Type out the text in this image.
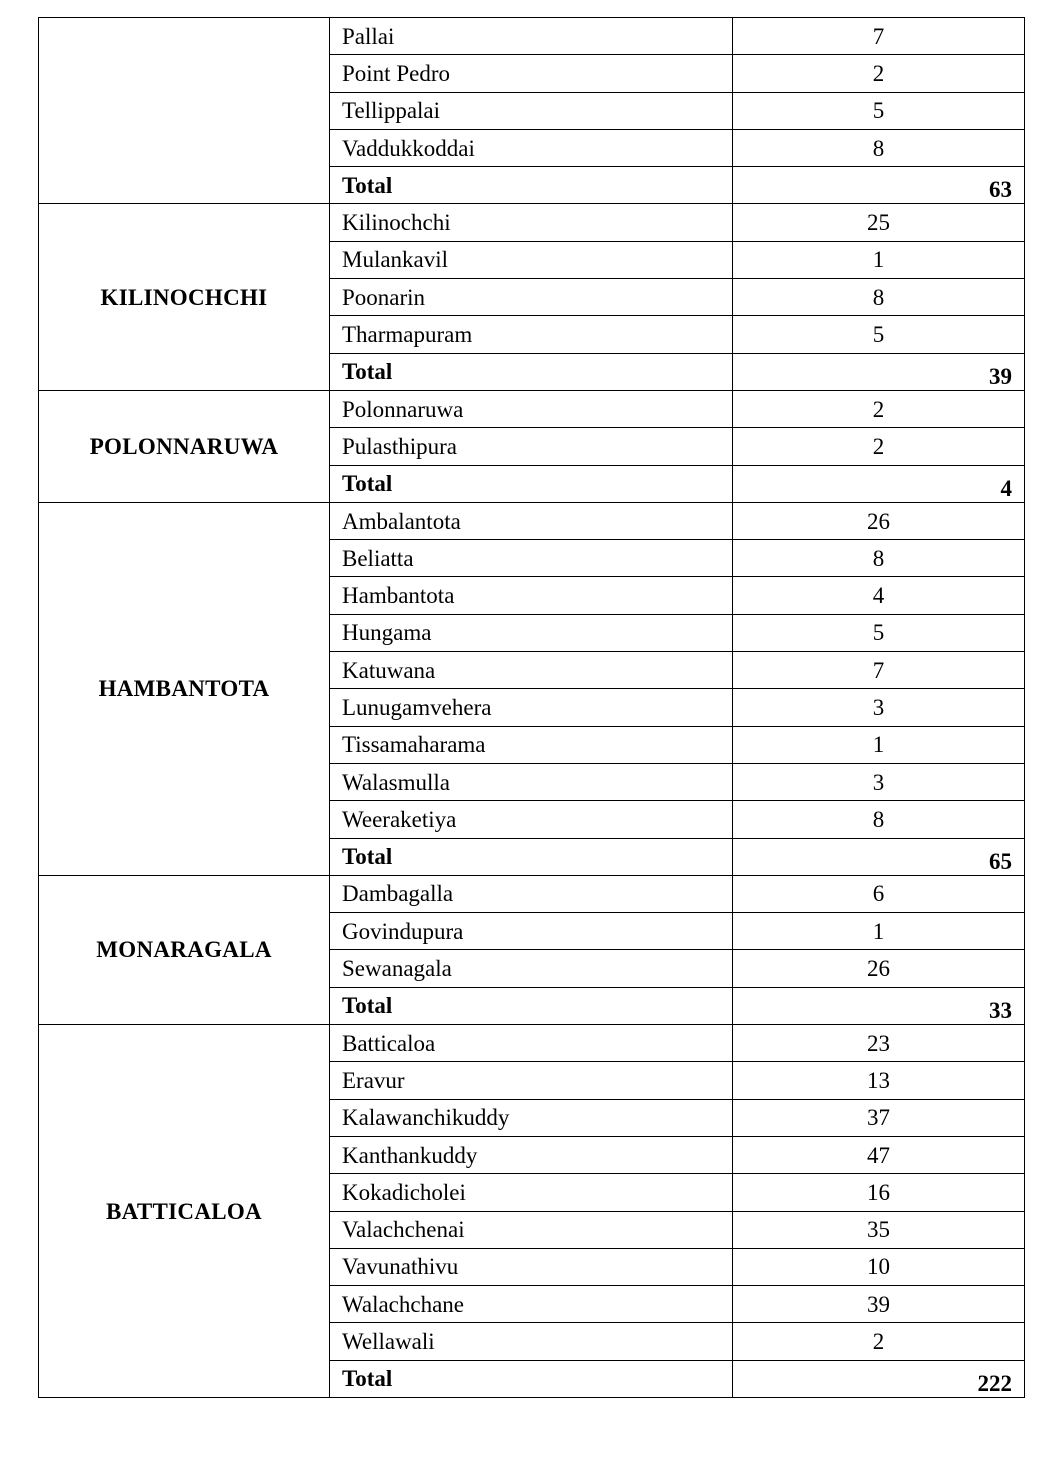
	Pallai	7
	Point Pedro	2
	Tellippalai	5
	Vaddukkoddai	8
	Total	63
KILINOCHCHI	Kilinochchi	25
	Mulankavil	1
	Poonarin	8
	Tharmapuram	5
	Total	39
POLONNARUWA	Polonnaruwa	2
	Pulasthipura	2
	Total	4
HAMBANTOTA	Ambalantota	26
	Beliatta	8
	Hambantota	4
	Hungama	5
	Katuwana	7
	Lunugamvehera	3
	Tissamaharama	1
	Walasmulla	3
	Weeraketiya	8
	Total	65
MONARAGALA	Dambagalla	6
	Govindupura	1
	Sewanagala	26
	Total	33
BATTICALOA	Batticaloa	23
	Eravur	13
	Kalawanchikuddy	37
	Kanthankuddy	47
	Kokadicholei	16
	Valachchenai	35
	Vavunathivu	10
	Walachchane	39
	Wellawali	2
	Total	222
